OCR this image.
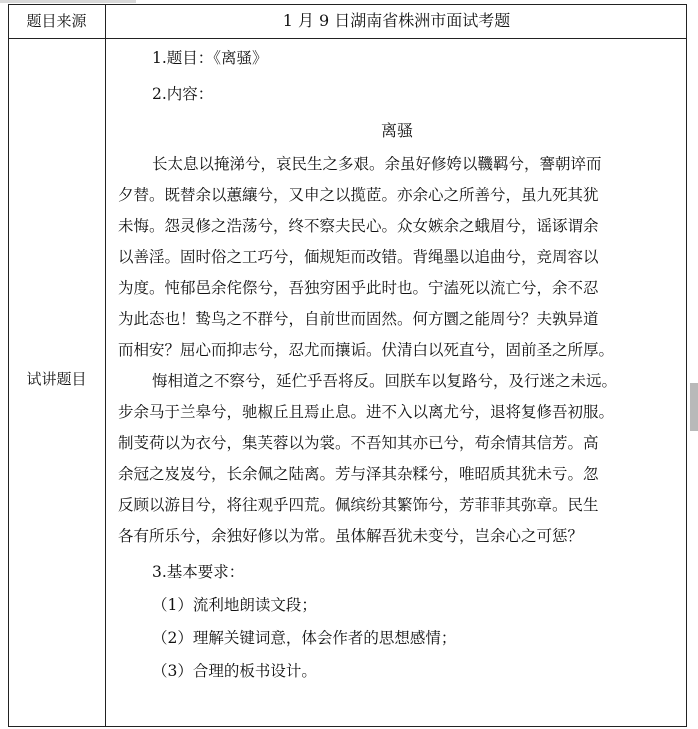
题目来源	1 月 9 日湖南省株洲市面试考题
试讲题目
1.题目：《离骚》
2.内容：
离骚
长太息以掩涕兮，哀民生之多艰。余虽好修姱以鞿羁兮，謇朝谇而
夕替。既替余以蕙纕兮，又申之以揽茝。亦余心之所善兮，虽九死其犹
未悔。怨灵修之浩荡兮，终不察夫民心。众女嫉余之蛾眉兮，谣诼谓余
以善淫。固时俗之工巧兮，偭规矩而改错。背绳墨以追曲兮，竞周容以
为度。忳郁邑余侘傺兮，吾独穷困乎此时也。宁溘死以流亡兮，余不忍
为此态也！鸷鸟之不群兮，自前世而固然。何方圜之能周兮？夫孰异道
而相安？屈心而抑志兮，忍尤而攘诟。伏清白以死直兮，固前圣之所厚。
悔相道之不察兮，延伫乎吾将反。回朕车以复路兮，及行迷之未远。
步余马于兰皋兮，驰椒丘且焉止息。进不入以离尤兮，退将复修吾初服。
制芰荷以为衣兮，集芙蓉以为裳。不吾知其亦已兮，苟余情其信芳。高
余冠之岌岌兮，长余佩之陆离。芳与泽其杂糅兮，唯昭质其犹未亏。忽
反顾以游目兮，将往观乎四荒。佩缤纷其繁饰兮，芳菲菲其弥章。民生
各有所乐兮，余独好修以为常。虽体解吾犹未变兮，岂余心之可惩？
3.基本要求：
（1）流利地朗读文段；
（2）理解关键词意，体会作者的思想感情；
（3）合理的板书设计。
